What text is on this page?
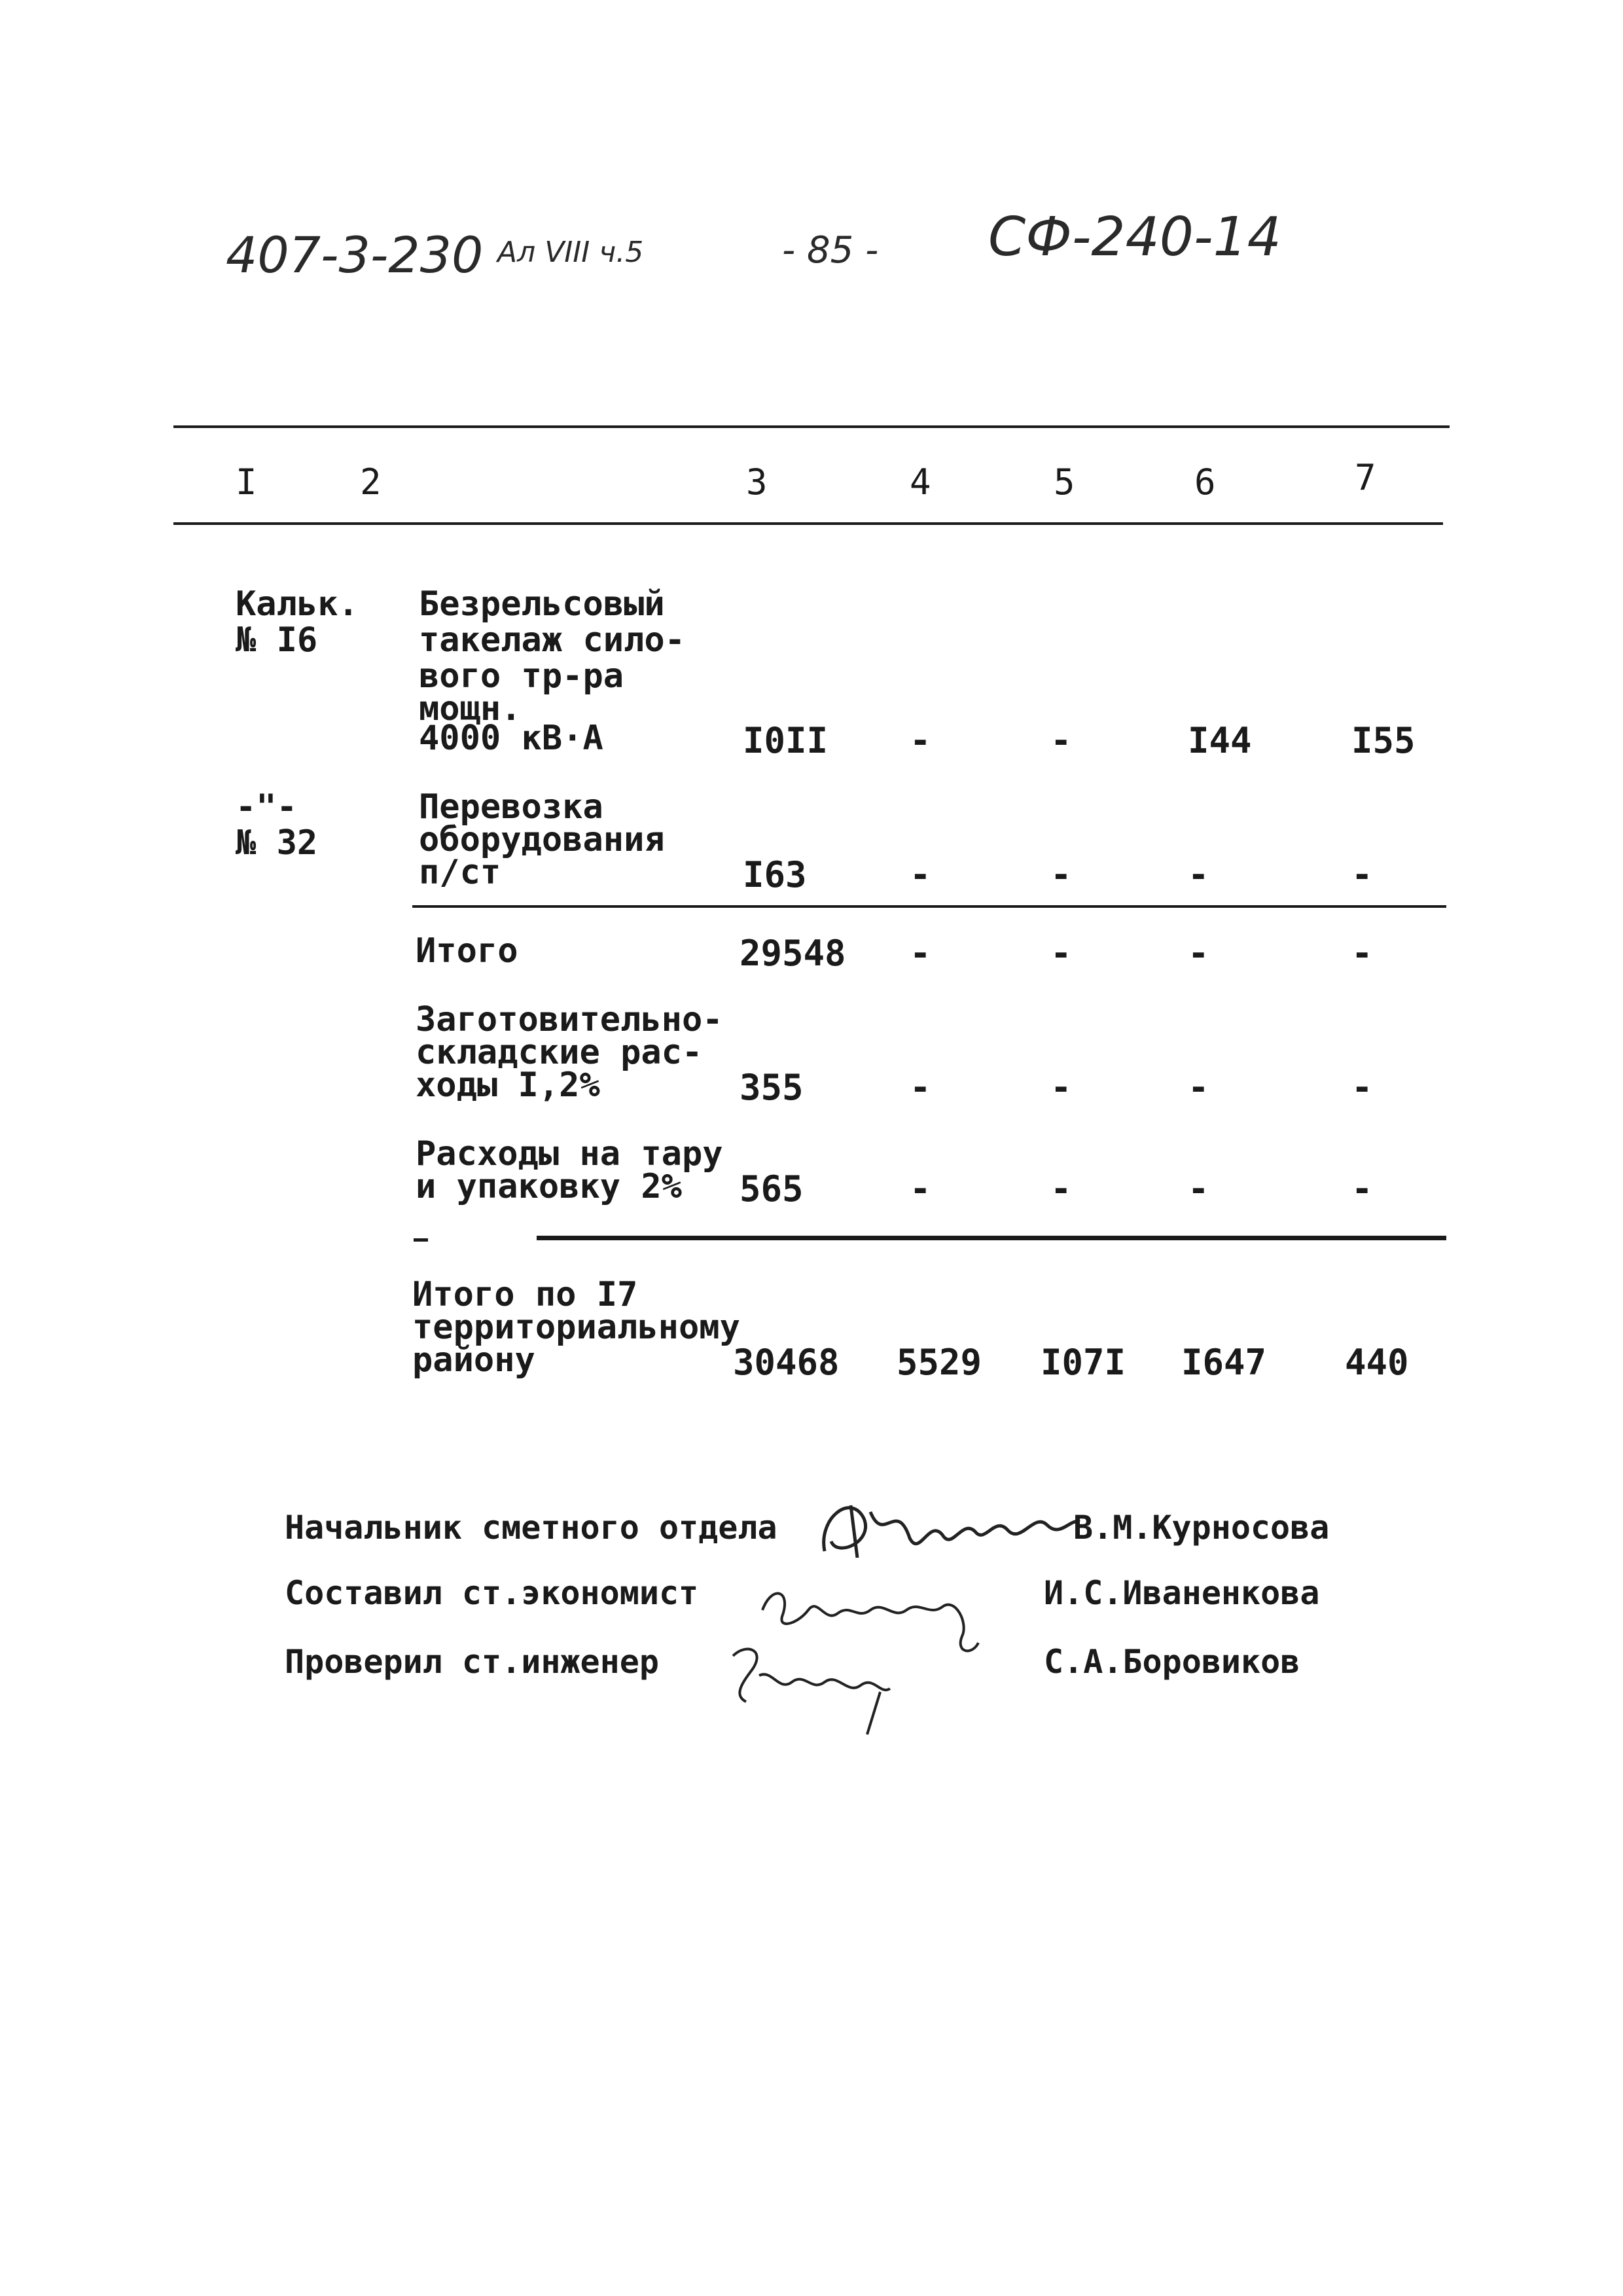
407-3-230 Ал VIII ч.5	- 85 - СФ-240-14
I	2	3	4	5	6	7
Кальк.
№ I6
Безрельсовый
такелаж сило-
вого тр-ра
мощн.
4000 кВ·А	I0II -	-	I44	I55
-"-
№ 32
Перевозка
оборудования
п/ст	I63	-	-	-	-
Итого	29548 -	-	-	-
Заготовительно-
складские рас-
ходы I,2%	355	-	-	-	-
Расходы на тару
и упаковку 2% 565	-	-	-	-
Итого по I7
территориальному
району	30468 5529 I07I I647 440
Начальник сметного отдела	В.М.Курносова
Составил ст.экономист	И.С.Иваненкова
Проверил ст.инженер	С.А.Боровиков
